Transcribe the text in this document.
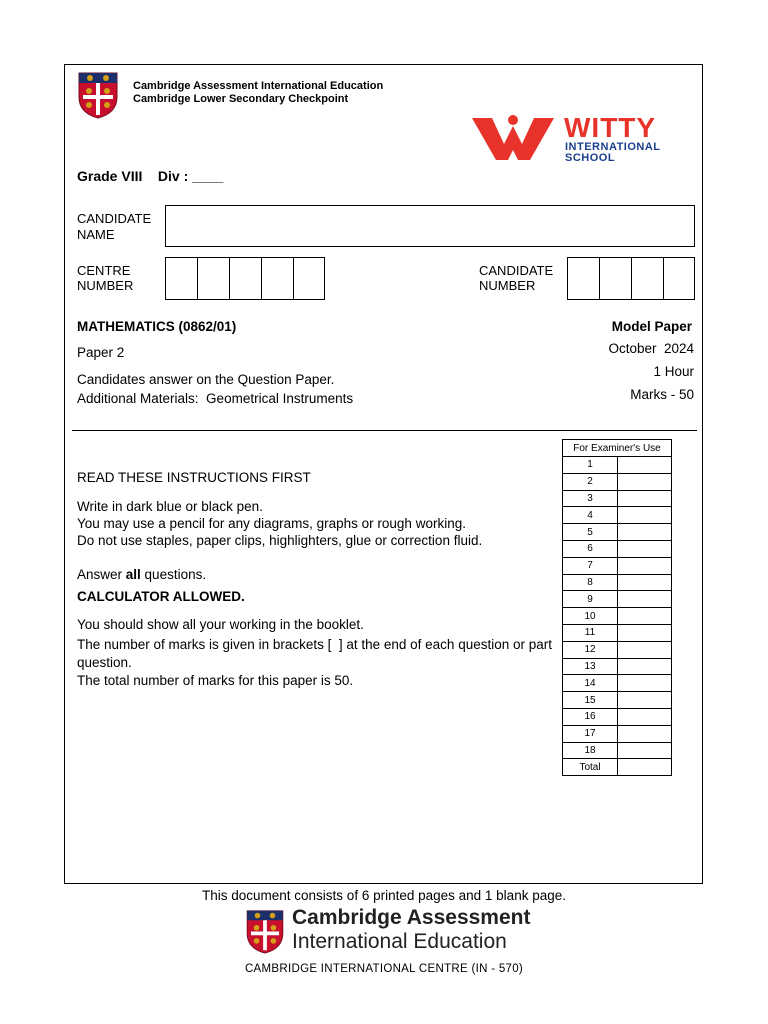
Cambridge Assessment International Education
Cambridge Lower Secondary Checkpoint
WITTY
INTERNATIONAL
SCHOOL
Grade VIII    Div : ____
CANDIDATE
NAME
CENTRE
NUMBER
CANDIDATE
NUMBER
MATHEMATICS (0862/01)	Model Paper
Paper 2	October  2024
1 Hour
Candidates answer on the Question Paper.
Marks - 50
Additional Materials:  Geometrical Instruments
READ THESE INSTRUCTIONS FIRST
Write in dark blue or black pen.
You may use a pencil for any diagrams, graphs or rough working.
Do not use staples, paper clips, highlighters, glue or correction fluid.
Answer all questions.
CALCULATOR ALLOWED.
You should show all your working in the booklet.
The number of marks is given in brackets [  ] at the end of each question or part
question.
The total number of marks for this paper is 50.
For Examiner's Use	
1	
2	
3	
4	
5	
6	
7	
8	
9	
10	
11	
12	
13	
14	
15	
16	
17	
18	
Total	
This document consists of 6 printed pages and 1 blank page.
Cambridge Assessment
International Education
CAMBRIDGE INTERNATIONAL CENTRE (IN - 570)
